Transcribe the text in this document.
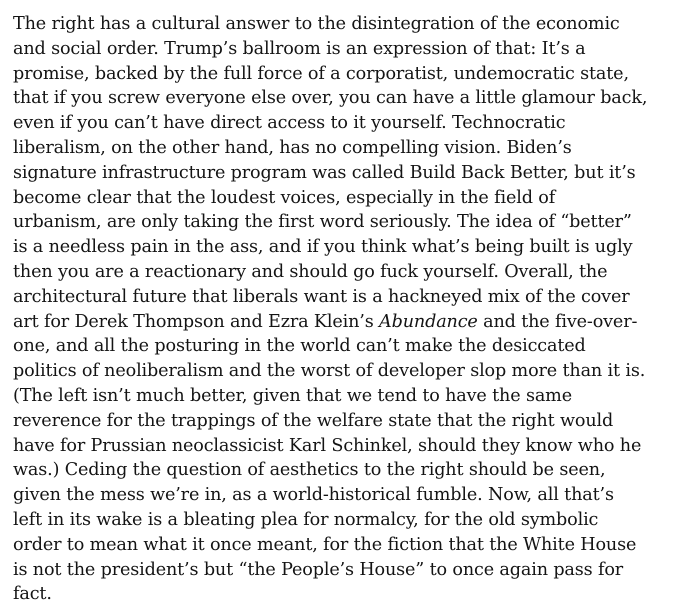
The right has a cultural answer to the disintegration of the economic
and social order. Trump’s ballroom is an expression of that: It’s a
promise, backed by the full force of a corporatist, undemocratic state,
that if you screw everyone else over, you can have a little glamour back,
even if you can’t have direct access to it yourself. Technocratic
liberalism, on the other hand, has no compelling vision. Biden’s
signature infrastructure program was called Build Back Better, but it’s
become clear that the loudest voices, especially in the field of
urbanism, are only taking the first word seriously. The idea of “better”
is a needless pain in the ass, and if you think what’s being built is ugly
then you are a reactionary and should go fuck yourself. Overall, the
architectural future that liberals want is a hackneyed mix of the cover
art for Derek Thompson and Ezra Klein’s Abundance and the five-over-
one, and all the posturing in the world can’t make the desiccated
politics of neoliberalism and the worst of developer slop more than it is.
(The left isn’t much better, given that we tend to have the same
reverence for the trappings of the welfare state that the right would
have for Prussian neoclassicist Karl Schinkel, should they know who he
was.) Ceding the question of aesthetics to the right should be seen,
given the mess we’re in, as a world-historical fumble. Now, all that’s
left in its wake is a bleating plea for normalcy, for the old symbolic
order to mean what it once meant, for the fiction that the White House
is not the president’s but “the People’s House” to once again pass for
fact.
